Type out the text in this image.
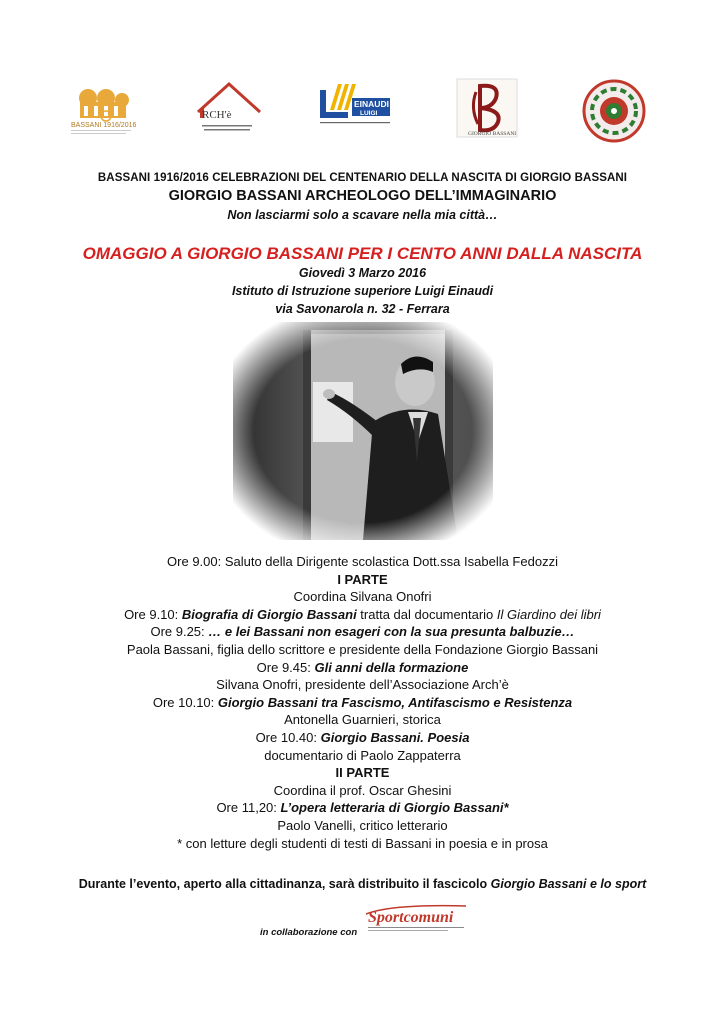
BASSANI 1916/2016
RCH'è
EINAUDI
LUIGI
GIORGIO BASSANI
BASSANI 1916/2016 CELEBRAZIONI DEL CENTENARIO DELLA NASCITA DI GIORGIO BASSANI
GIORGIO BASSANI ARCHEOLOGO DELL’IMMAGINARIO
Non lasciarmi solo a scavare nella mia città…
OMAGGIO A GIORGIO BASSANI PER I CENTO ANNI DALLA NASCITA
Giovedì 3 Marzo 2016
Istituto di Istruzione superiore Luigi Einaudi
via Savonarola n. 32 - Ferrara
Ore 9.00: Saluto della Dirigente scolastica Dott.ssa Isabella Fedozzi
I PARTE
Coordina Silvana Onofri
Ore 9.10: Biografia di Giorgio Bassani tratta dal documentario Il Giardino dei libri
Ore 9.25: … e lei Bassani non esageri con la sua presunta balbuzie…
Paola Bassani, figlia dello scrittore e presidente della Fondazione Giorgio Bassani
Ore 9.45: Gli anni della formazione
Silvana Onofri, presidente dell’Associazione Arch’è
Ore 10.10: Giorgio Bassani tra Fascismo, Antifascismo e Resistenza
Antonella Guarnieri, storica
Ore 10.40: Giorgio Bassani. Poesia
documentario di Paolo Zappaterra
II PARTE
Coordina il prof. Oscar Ghesini
Ore 11,20: L’opera letteraria di Giorgio Bassani*
Paolo Vanelli, critico letterario
* con letture degli studenti di testi di Bassani in poesia e in prosa
Durante l’evento, aperto alla cittadinanza, sarà distribuito il fascicolo Giorgio Bassani e lo sport
in collaborazione con
Sportcomuni
